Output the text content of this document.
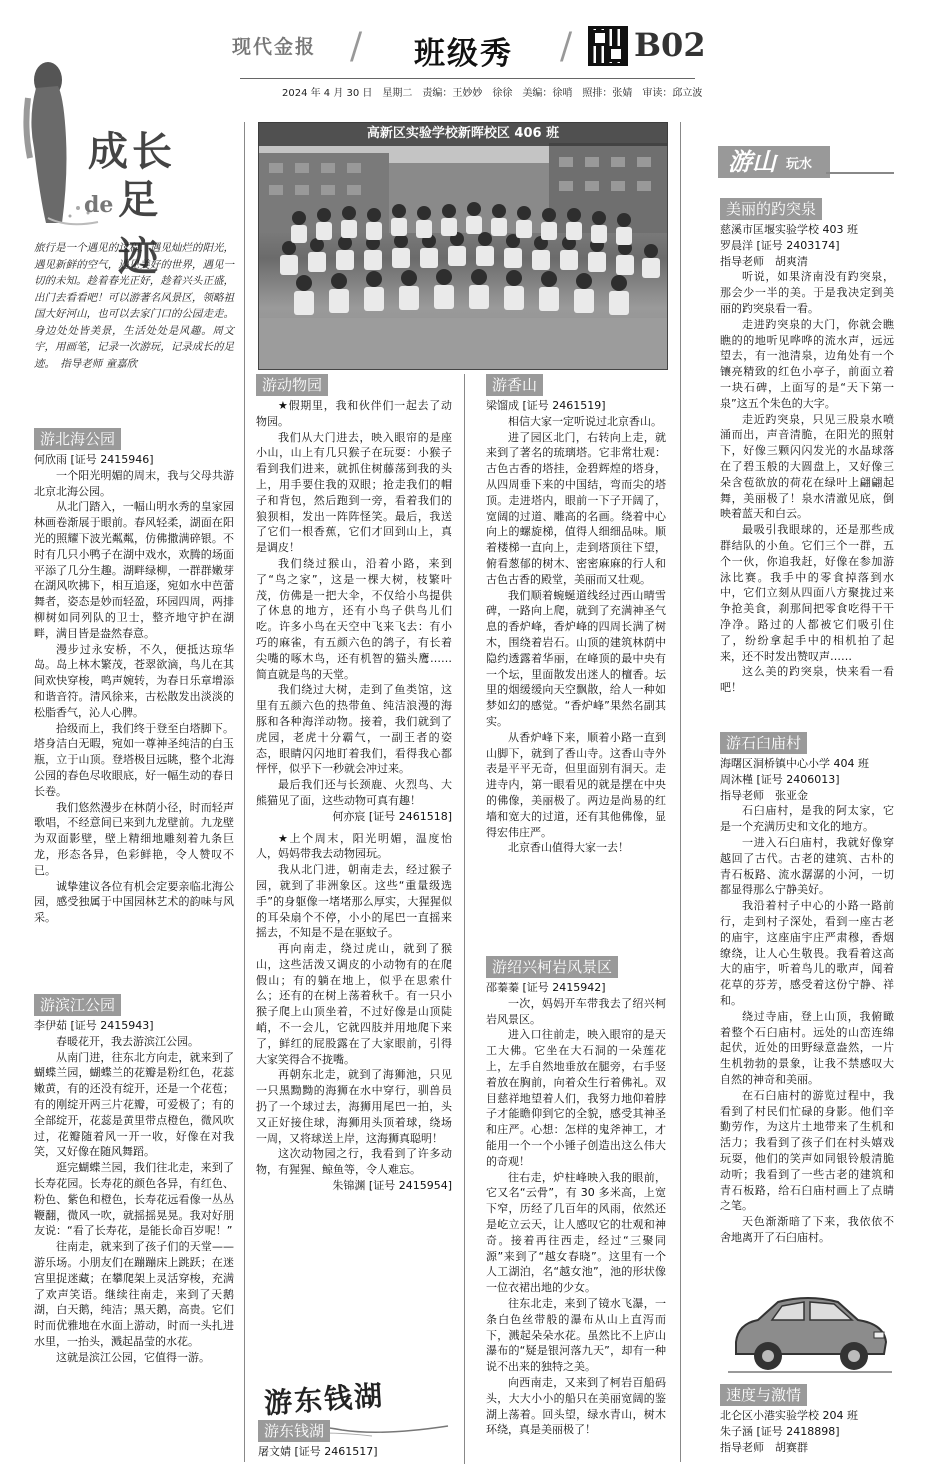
现代金报 / 班级秀 / B02
2024 年 4 月 30 日　星期二　责编：王妙妙　徐徐　美编：徐哨　照排：张婧　审读：邱立波
成长
de 足迹
旅行是一个遇见的过程，遇见灿烂的阳光，遇见新鲜的空气，遇见美好的世界，遇见一切的未知。趁着春光正好，趁着兴头正盛，出门去看看吧！可以游著名风景区，领略祖国大好河山，也可以去家门口的公园走走。身边处处皆美景，生活处处是风趣。周文宇，用画笔，记录一次游玩，记录成长的足迹。　指导老师 童嘉欣
高新区实验学校新晖校区 406 班
游北海公园

何欣雨 [证号 2415946]

一个阳光明媚的周末，我与父母共游北京北海公园。

从北门踏入，一幅山明水秀的皇家园林画卷渐展于眼前。春风轻柔，湖面在阳光的照耀下波光粼粼，仿佛撒满碎银。不时有几只小鸭子在湖中戏水，欢腾的场面平添了几分生趣。湖畔绿柳，一群群嫩芽在湖风吹拂下，相互追逐，宛如水中芭蕾舞者，姿态是妙而轻盈，环园四周，两排柳树如同列队的卫士，整齐地守护在湖畔，满目皆是盎然春意。

漫步过永安桥，不久，便抵达琼华岛。岛上林木繁茂，苍翠欲滴，鸟儿在其间欢快穿梭，鸣声婉转，为春日乐章增添和谐音符。清风徐来，古松散发出淡淡的松脂香气，沁人心脾。

拾级而上，我们终于登至白塔脚下。塔身洁白无暇，宛如一尊神圣纯洁的白玉瓶，立于山顶。登塔极目远眺，整个北海公园的春色尽收眼底，好一幅生动的春日长卷。

我们悠然漫步在林荫小径，时而轻声歌唱，不经意间已来到九龙壁前。九龙壁为双面影壁，壁上精细地雕刻着九条巨龙，形态各异，色彩鲜艳，令人赞叹不已。

诚挚建议各位有机会定要亲临北海公园，感受独属于中国园林艺术的韵味与风采。

游滨江公园

李伊茹 [证号 2415943]

春暖花开，我去游滨江公园。

从南门进，往东北方向走，就来到了蝴蝶兰园，蝴蝶兰的花瓣是粉红色，花蕊嫩黄，有的还没有绽开，还是一个花苞；有的刚绽开两三片花瓣，可爱极了；有的全部绽开，花蕊是黄里带点橙色，微风吹过，花瓣随着风一开一收，好像在对我笑，又好像在随风舞蹈。

逛完蝴蝶兰园，我们往北走，来到了长寿花园。长寿花的颜色各异，有红色、粉色、紫色和橙色，长寿花远看像一丛丛鞭翻，微风一吹，就摇摇晃晃。我对好朋友说：“看了长寿花，是能长命百岁呢！”

往南走，就来到了孩子们的天堂——游乐场。小朋友们在蹦蹦床上跳跃；在迷宫里捉迷藏；在攀爬架上灵活穿梭，充满了欢声笑语。继续往南走，来到了天鹅湖，白天鹅，纯洁；黑天鹅，高贵。它们时而优雅地在水面上游动，时而一头扎进水里，一抬头，溅起晶莹的水花。

这就是滨江公园，它值得一游。

游动物园

★假期里，我和伙伴们一起去了动物园。

我们从大门进去，映入眼帘的是座小山，山上有几只猴子在玩耍：小猴子看到我们进来，就抓住树藤荡到我的头上，用手要住我的双眼；抢走我们的帽子和背包，然后跑到一旁，看着我们的狼狈相，发出一阵阵怪笑。最后，我送了它们一根香蕉，它们才回到山上，真是调皮！

我们绕过猴山，沿着小路，来到了“鸟之家”，这是一棵大树，枝繁叶茂，仿佛是一把大伞，不仅给小鸟提供了休息的地方，还有小鸟子供鸟儿们吃。许多小鸟在天空中飞来飞去：有小巧的麻雀，有五颜六色的鸽子，有长着尖嘴的啄木鸟，还有机智的猫头鹰……简直就是鸟的天堂。

我们绕过大树，走到了鱼类馆，这里有五颜六色的热带鱼、纯洁浪漫的海豚和各种海洋动物。接着，我们就到了虎园，老虎十分霸气，一副王者的姿态，眼睛闪闪地盯着我们，看得我心都怦怦，似乎下一秒就会冲过来。

最后我们还与长颈鹿、火烈鸟、大熊猫见了面，这些动物可真有趣！

何亦宸 [证号 2461518]

★上个周末，阳光明媚，温度怡人，妈妈带我去动物园玩。

我从北门进，朝南走去，经过猴子园，就到了非洲象区。这些“重量级选手”的身躯像一堵堵那么厚实，大猩猩似的耳朵扇个不停，小小的尾巴一直摇来摇去，不知是不是在驱蚊子。

再向南走，绕过虎山，就到了猴山，这些活泼又调皮的小动物有的在爬假山；有的躺在地上，似乎在思索什么；还有的在树上荡着秋千。有一只小猴子爬上山顶坐着，不过好像是山顶陡峭，不一会儿，它就四肢并用地爬下来了，鲜红的屁股露在了大家眼前，引得大家笑得合不拢嘴。

再朝东北走，就到了海狮池，只见一只黑黝黝的海狮在水中穿行，驯兽员扔了一个球过去，海狮用尾巴一拍，头又正好接住球，海狮用头顶着球，绕场一周，又将球送上岸，这海狮真聪明！

这次动物园之行，我看到了许多动物，有猩猩、鲸鱼等，令人难忘。

朱锦渊 [证号 2415954]

游东钱湖
游东钱湖

屠文婧 [证号 2461517]

游香山

梁馏成 [证号 2461519]

相信大家一定听说过北京香山。

进了园区北门，右转向上走，就来到了著名的琉璃塔。它非常壮观：古色古香的塔挂，金碧辉煌的塔身，从四周垂下来的中国结，弯而尖的塔顶。走进塔内，眼前一下子开阔了，宽阔的过道、雕高的名画。绕着中心向上的螺旋梯，值得人细细品味。顺着楼梯一直向上，走到塔顶往下望，俯看葱郁的树木、密密麻麻的行人和古色古香的殿堂，美丽而又壮观。

我们顺着蜿蜒道线经过西山晴雪碑，一路向上爬，就到了充满神圣气息的香炉峰，香炉峰的四周长满了树木，围绕着岩石。山顶的建筑林荫中隐约透露着华丽，在峰顶的最中央有一个坛，里面散发出迷人的檀香。坛里的烟缓缓向天空飘散，给人一种如梦如幻的感觉。“香炉峰”果然名副其实。

从香炉峰下来，顺着小路一直到山脚下，就到了香山寺。这香山寺外表是平平无奇，但里面别有洞天。走进寺内，第一眼看见的就是摆在中央的佛像，美丽极了。两边是尚易的红墙和宽大的过道，还有其他佛像，显得宏伟庄严。

北京香山值得大家一去！

游绍兴柯岩风景区

邵蓁蓁 [证号 2415942]

一次，妈妈开车带我去了绍兴柯岩风景区。

进入口往前走，映入眼帘的是天工大佛。它坐在大石洞的一朵莲花上，左手自然地垂放在腿旁，右手竖着放在胸前，向着众生行着佛礼。双目慈祥地望着人们，我努力地仰着脖子才能瞻仰到它的全貌，感受其神圣和庄严。心想：怎样的鬼斧神工，才能用一个一个小锤子创造出这么伟大的奇观！

往右走，炉柱峰映入我的眼前，它又名“云骨”，有 30 多米高，上宽下窄，历经了几百年的风雨，依然还是屹立云天，让人感叹它的壮观和神奇。接着再往西走，经过“三聚同源”来到了“越女春晓”。这里有一个人工湖泊，名“越女池”，池的形状像一位衣裙出地的少女。

往东北走，来到了镜水飞瀑，一条白色丝带般的瀑布从山上直泻而下，溅起朵朵水花。虽然比不上庐山瀑布的“疑是银河落九天”，却有一种说不出来的独特之美。

向西南走，又来到了柯岩百船码头，大大小小的船只在美丽宽阔的鉴湖上荡着。回头望，绿水青山，树木环绕，真是美丽极了！

游山 玩水
美丽的趵突泉

慈溪市匡堰实验学校 403 班

罗晨洋 [证号 2403174]

指导老师　胡爽清

听说，如果济南没有趵突泉，那会少一半的美。于是我决定到美丽的趵突泉看一看。

走进趵突泉的大门，你就会瞧瞧的的地听见哗哗的流水声，远远望去，有一池清泉，边角处有一个镶亮精致的红色小亭子，前面立着一块石碑，上面写的是“天下第一泉”这五个朱色的大字。

走近趵突泉，只见三股泉水喷涌而出，声音清脆，在阳光的照射下，好像三颗闪闪发光的水晶球落在了碧玉般的大圆盘上，又好像三朵含苞欲放的荷花在绿叶上翩翩起舞，美丽极了！泉水清澈见底，倒映着蓝天和白云。

最吸引我眼球的，还是那些成群结队的小鱼。它们三个一群，五个一伙，你追我赶，好像在参加游泳比赛。我手中的零食掉落到水中，它们立刻从四面八方聚拢过来争抢美食，刹那间把零食吃得干干净净。路过的人都被它们吸引住了，纷纷拿起手中的相机拍了起来，还不时发出赞叹声……

这么美的趵突泉，快来看一看吧！

游石臼庙村

海曙区洞桥镇中心小学 404 班

周沐槿 [证号 2406013]

指导老师　张亚金

石臼庙村，是我的阿太家，它是一个充满历史和文化的地方。

一进入石臼庙村，我就好像穿越回了古代。古老的建筑、古朴的青石板路、流水潺潺的小河，一切都显得那么宁静美好。

我沿着村子中心的小路一路前行，走到村子深处，看到一座古老的庙宇，这座庙宇庄严肃穆，香烟缭绕，让人心生敬畏。我看着这高大的庙宇，听着鸟儿的歌声，闻着花草的芬芳，感受着这份宁静、祥和。

绕过寺庙，登上山顶，我俯瞰着整个石臼庙村。远处的山峦连绵起伏，近处的田野绿意盎然，一片生机勃勃的景象，让我不禁感叹大自然的神奇和美丽。

在石臼庙村的游览过程中，我看到了村民们忙碌的身影。他们辛勤劳作，为这片土地带来了生机和活力；我看到了孩子们在村头嬉戏玩耍，他们的笑声如同银铃般清脆动听；我看到了一些古老的建筑和青石板路，给石臼庙村画上了点睛之笔。

天色渐渐暗了下来，我依依不舍地离开了石臼庙村。

速度与激情

北仑区小港实验学校 204 班

朱子涵 [证号 2418898]

指导老师　胡赛群
